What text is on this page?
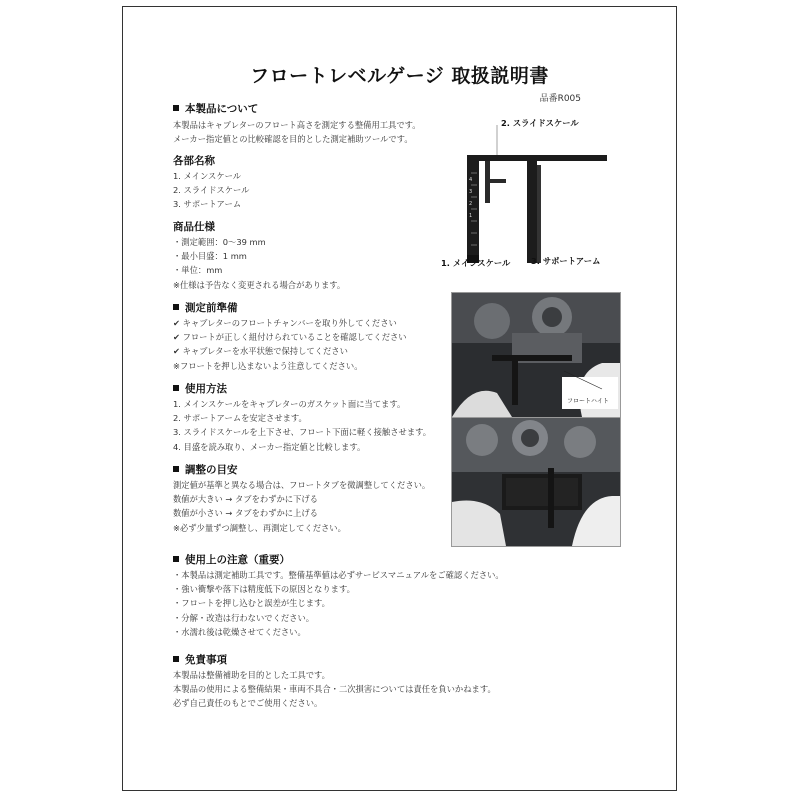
フロートレベルゲージ 取扱説明書
品番R005

本製品について

本製品はキャブレターのフロート高さを測定する整備用工具です。

メーカー指定値との比較確認を目的とした測定補助ツールです。

各部名称

1. メインスケール

2. スライドスケール

3. サポートアーム

商品仕様

・測定範囲：0〜39 mm

・最小目盛：1 mm

・単位：mm

※仕様は予告なく変更される場合があります。

測定前準備

✔ キャブレターのフロートチャンバーを取り外してください

✔ フロートが正しく組付けられていることを確認してください

✔ キャブレターを水平状態で保持してください

※フロートを押し込まないよう注意してください。

使用方法

1. メインスケールをキャブレターのガスケット面に当てます。

2. サポートアームを安定させます。

3. スライドスケールを上下させ、フロート下面に軽く接触させます。

4. 目盛を読み取り、メーカー指定値と比較します。

調整の目安

測定値が基準と異なる場合は、フロートタブを微調整してください。

数値が大きい → タブをわずかに下げる

数値が小さい → タブをわずかに上げる

※必ず少量ずつ調整し、再測定してください。

使用上の注意（重要）

・本製品は測定補助工具です。整備基準値は必ずサービスマニュアルをご確認ください。

・強い衝撃や落下は精度低下の原因となります。

・フロートを押し込むと誤差が生じます。

・分解・改造は行わないでください。

・水濡れ後は乾燥させてください。

免責事項

本製品は整備補助を目的とした工具です。

本製品の使用による整備結果・車両不具合・二次損害については責任を負いかねます。

必ず自己責任のもとでご使用ください。

2. スライドスケール
4
3
2
1
1. メインスケール 3. サポートアーム
フロートハイト
